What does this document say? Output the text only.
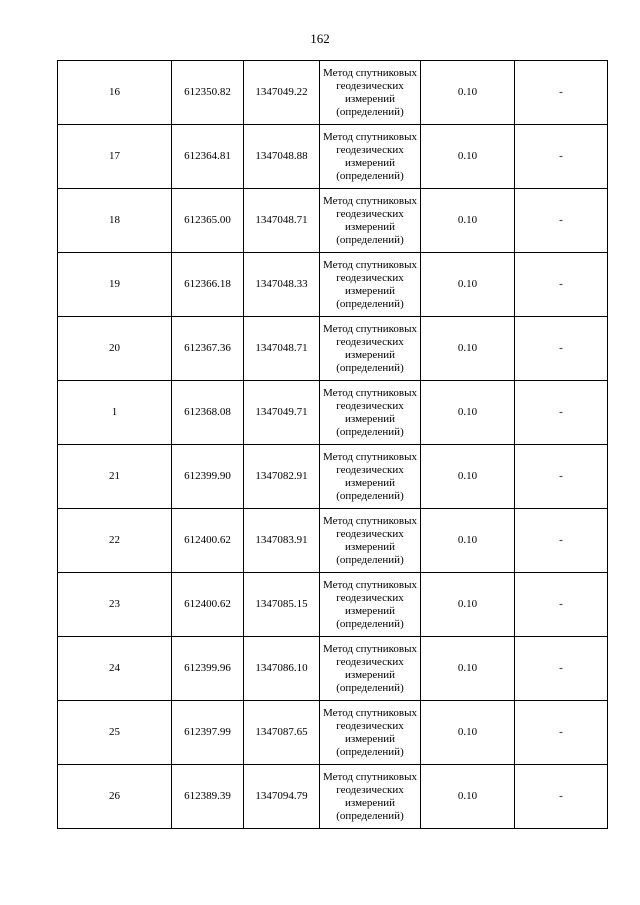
162
16	612350.82	1347049.22	Метод спутниковых геодезических измерений (определений)	0.10	-
17	612364.81	1347048.88	Метод спутниковых геодезических измерений (определений)	0.10	-
18	612365.00	1347048.71	Метод спутниковых геодезических измерений (определений)	0.10	-
19	612366.18	1347048.33	Метод спутниковых геодезических измерений (определений)	0.10	-
20	612367.36	1347048.71	Метод спутниковых геодезических измерений (определений)	0.10	-
1	612368.08	1347049.71	Метод спутниковых геодезических измерений (определений)	0.10	-
21	612399.90	1347082.91	Метод спутниковых геодезических измерений (определений)	0.10	-
22	612400.62	1347083.91	Метод спутниковых геодезических измерений (определений)	0.10	-
23	612400.62	1347085.15	Метод спутниковых геодезических измерений (определений)	0.10	-
24	612399.96	1347086.10	Метод спутниковых геодезических измерений (определений)	0.10	-
25	612397.99	1347087.65	Метод спутниковых геодезических измерений (определений)	0.10	-
26	612389.39	1347094.79	Метод спутниковых геодезических измерений (определений)	0.10	-
